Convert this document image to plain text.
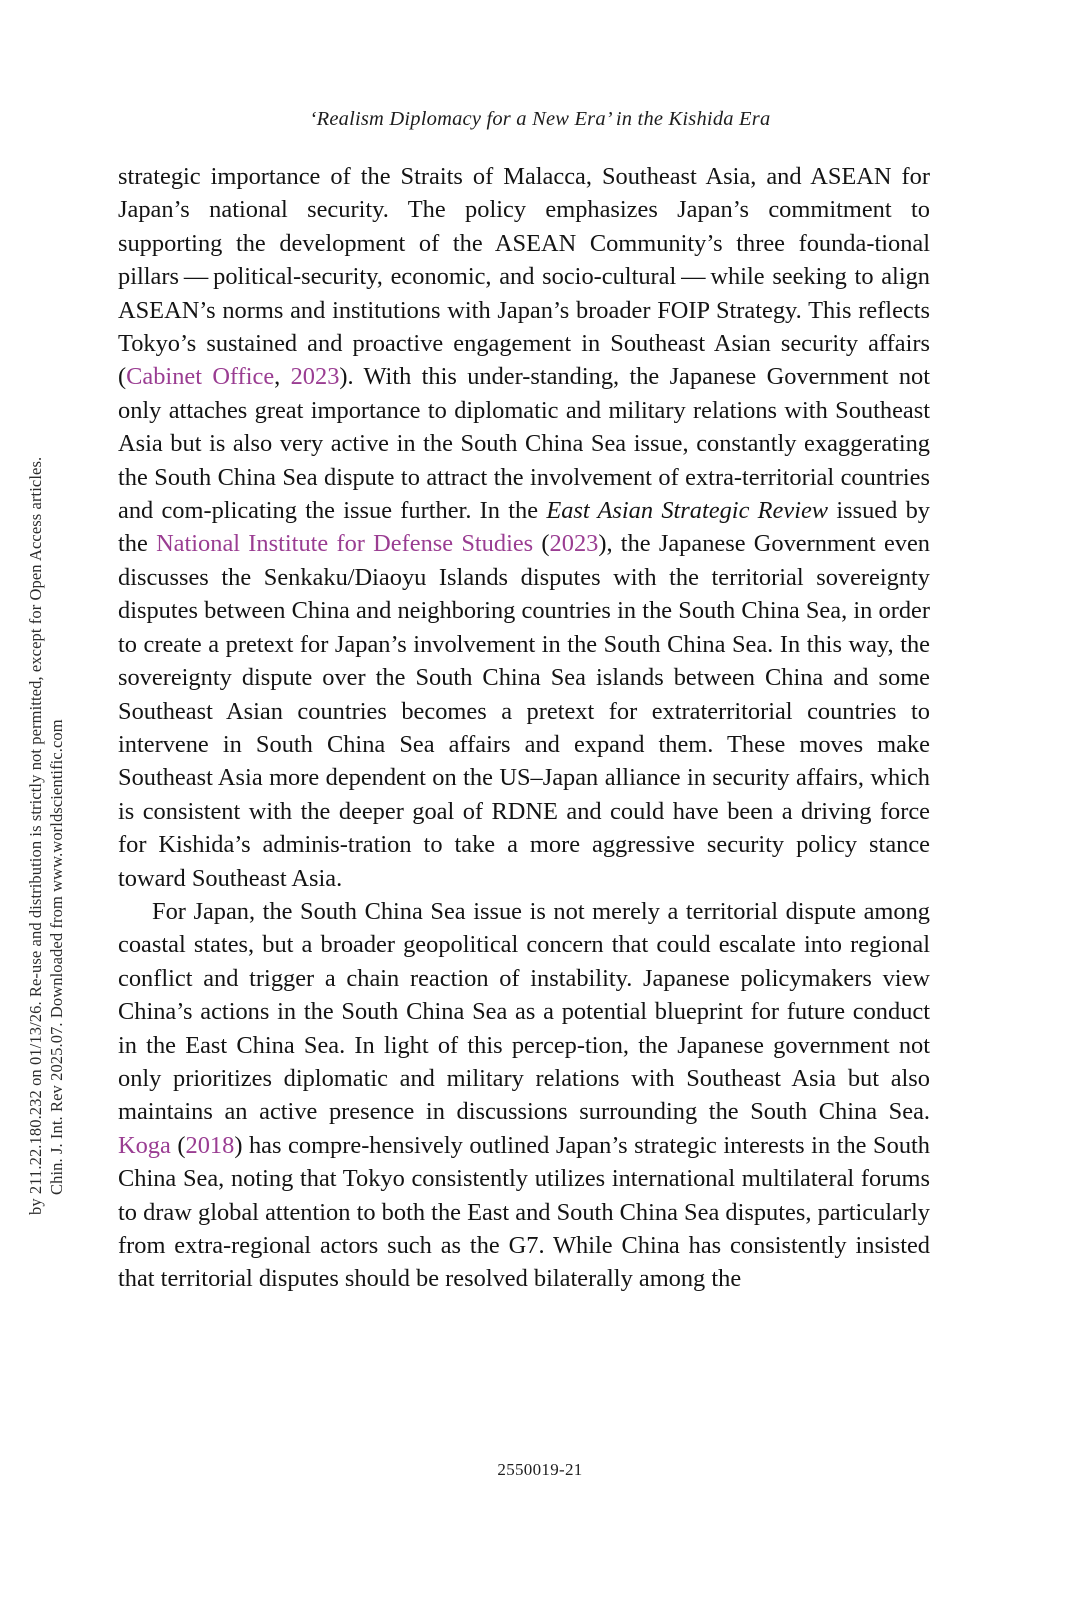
Chin. J. Int. Rev 2025.07. Downloaded from www.worldscientific.com
by 211.22.180.232 on 01/13/26. Re-use and distribution is strictly not permitted, except for Open Access articles.
‘Realism Diplomacy for a New Era’ in the Kishida Era

strategic importance of the Straits of Malacca, Southeast Asia, and ASEAN for Japan’s national security. The policy emphasizes Japan’s commitment to supporting the development of the ASEAN Community’s three founda-tional pillars — political-security, economic, and socio-cultural — while seeking to align ASEAN’s norms and institutions with Japan’s broader FOIP Strategy. This reflects Tokyo’s sustained and proactive engagement in Southeast Asian security affairs (Cabinet Office, 2023). With this under-standing, the Japanese Government not only attaches great importance to diplomatic and military relations with Southeast Asia but is also very active in the South China Sea issue, constantly exaggerating the South China Sea dispute to attract the involvement of extra-territorial countries and com-plicating the issue further. In the East Asian Strategic Review issued by the National Institute for Defense Studies (2023), the Japanese Government even discusses the Senkaku/Diaoyu Islands disputes with the territorial sovereignty disputes between China and neighboring countries in the South China Sea, in order to create a pretext for Japan’s involvement in the South China Sea. In this way, the sovereignty dispute over the South China Sea islands between China and some Southeast Asian countries becomes a pretext for extraterritorial countries to intervene in South China Sea affairs and expand them. These moves make Southeast Asia more dependent on the US–Japan alliance in security affairs, which is consistent with the deeper goal of RDNE and could have been a driving force for Kishida’s adminis-tration to take a more aggressive security policy stance toward Southeast Asia.

For Japan, the South China Sea issue is not merely a territorial dispute among coastal states, but a broader geopolitical concern that could escalate into regional conflict and trigger a chain reaction of instability. Japanese policymakers view China’s actions in the South China Sea as a potential blueprint for future conduct in the East China Sea. In light of this percep-tion, the Japanese government not only prioritizes diplomatic and military relations with Southeast Asia but also maintains an active presence in discussions surrounding the South China Sea. Koga (2018) has compre-hensively outlined Japan’s strategic interests in the South China Sea, noting that Tokyo consistently utilizes international multilateral forums to draw global attention to both the East and South China Sea disputes, particularly from extra-regional actors such as the G7. While China has consistently insisted that territorial disputes should be resolved bilaterally among the

2550019-21
